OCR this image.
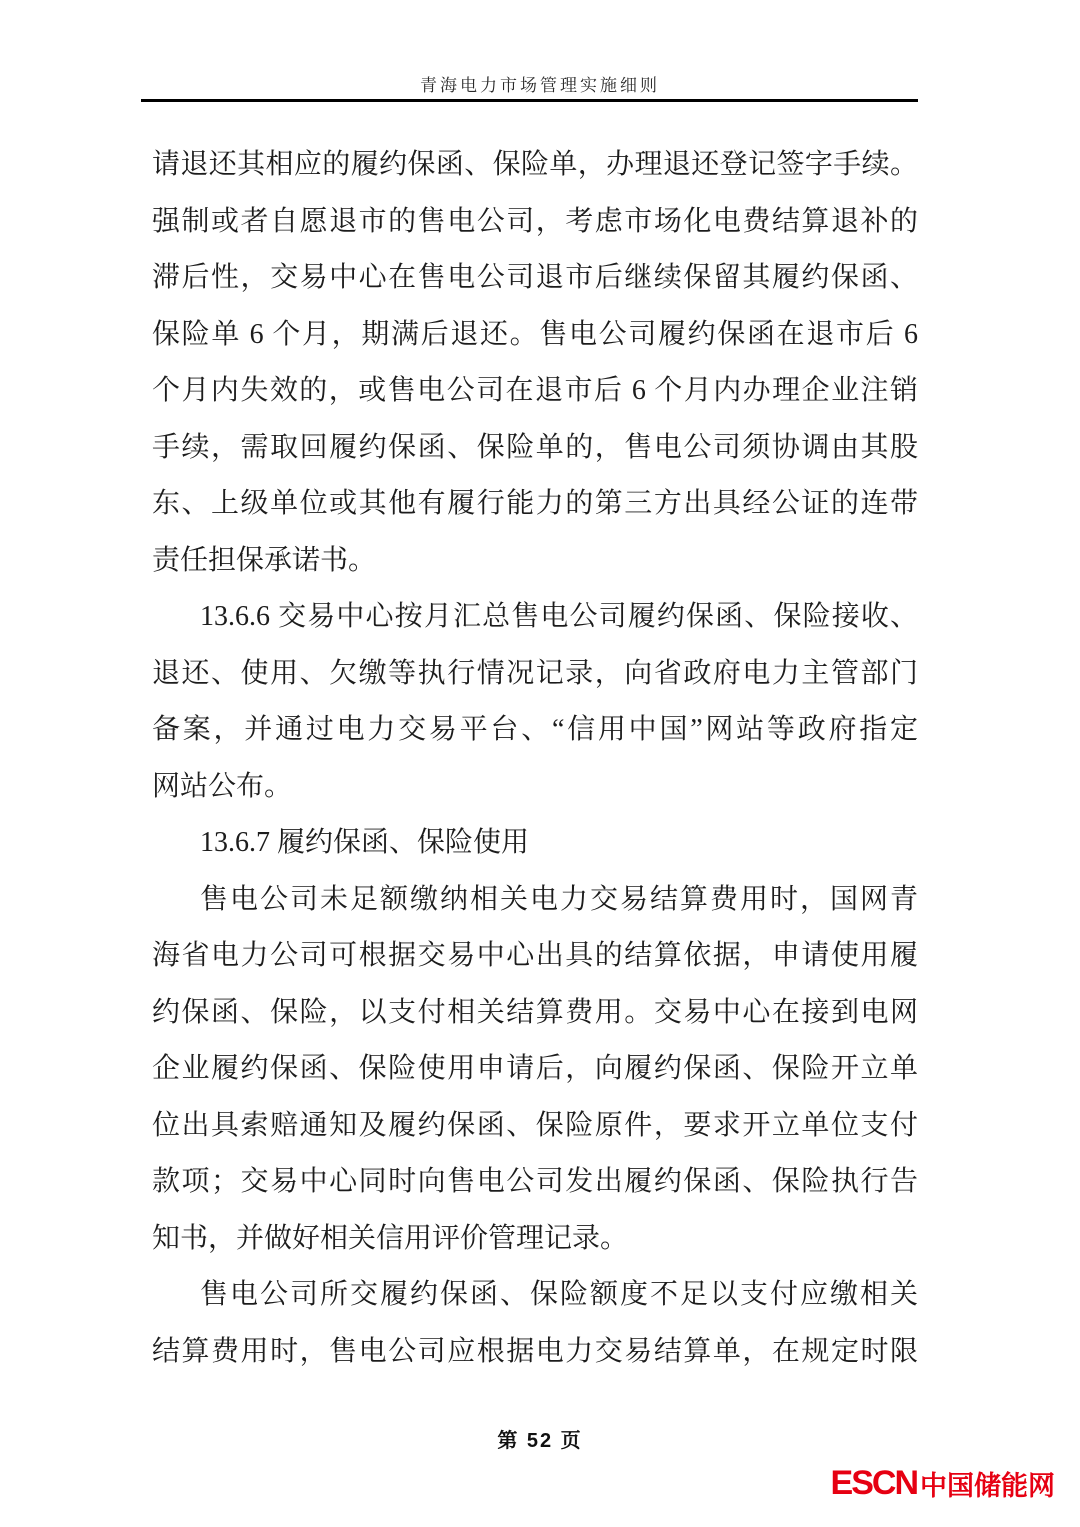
青海电力市场管理实施细则
请退还其相应的履约保函、保险单，办理退还登记签字手续。
强制或者自愿退市的售电公司，考虑市场化电费结算退补的
滞后性，交易中心在售电公司退市后继续保留其履约保函、
保险单 6 个月，期满后退还。售电公司履约保函在退市后 6
个月内失效的，或售电公司在退市后 6 个月内办理企业注销
手续，需取回履约保函、保险单的，售电公司须协调由其股
东、上级单位或其他有履行能力的第三方出具经公证的连带
责任担保承诺书。
13.6.6 交易中心按月汇总售电公司履约保函、保险接收、
退还、使用、欠缴等执行情况记录，向省政府电力主管部门
备案，并通过电力交易平台、“信用中国”网站等政府指定
网站公布。
13.6.7 履约保函、保险使用
售电公司未足额缴纳相关电力交易结算费用时，国网青
海省电力公司可根据交易中心出具的结算依据，申请使用履
约保函、保险，以支付相关结算费用。交易中心在接到电网
企业履约保函、保险使用申请后，向履约保函、保险开立单
位出具索赔通知及履约保函、保险原件，要求开立单位支付
款项；交易中心同时向售电公司发出履约保函、保险执行告
知书，并做好相关信用评价管理记录。
售电公司所交履约保函、保险额度不足以支付应缴相关
结算费用时，售电公司应根据电力交易结算单，在规定时限
第 52 页
ESCN 中国储能网
